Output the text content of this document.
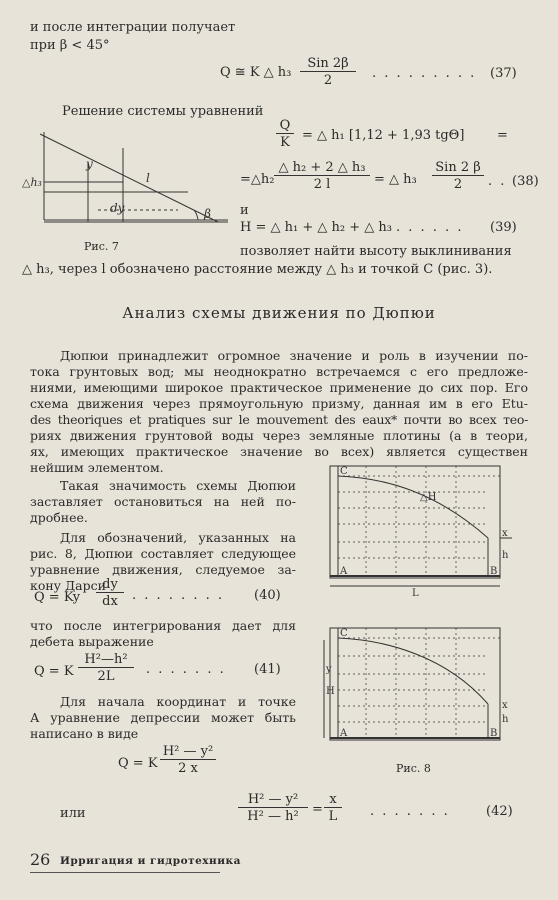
и после интеграции получает
при β < 45°
Q ≅ K △ h₃
Sin 2β
2	. . . . . . . . . (37)
Решение системы уравнений
y
l
dy
△h₃
β
Рис. 7
$\frac{Q}{K}$ = △ h₁ [1,12 + 1,93 tgΘ]	=
=△h₂ $\frac{\text{△ h₂ + 2 △ h₃}}{2 l}$ = △ h₃
Sin 2 β
2	. . (38)
и
H = △ h₁ + △ h₂ + △ h₃ . . . . . . (39)
позволяет найти высоту выклинивания
△ h₃, через l обозначено расстояние между △ h₃ и точкой С (рис. 3).
Анализ схемы движения по Дюпюи
Дюпюи принадлежит огромное значение и роль в изучении по-
тока грунтовых вод; мы неоднократно встречаемся с его предложе-
ниями, имеющими широкое практическое применение до сих пор. Его
схема движения через прямоугольную призму, данная им в его Etu-
des theoriques et pratiques sur le mouvement des eaux* почти во всех тео-
риях движения грунтовой воды через земляные плотины (а в теори,
ях, имеющих практическое значение во всех) является существен
нейшим элементом.
Такая значимость схемы Дюпюи
заставляет остановиться на ней по-
дробнее.
Для обозначений, указанных на
рис. 8, Дюпюи составляет следующее
уравнение движения, следуемое за-
кону Дарси
Q = Ky $\frac{dy}{dx}$ . . . . . . . . (40)
что после интегрирования дает для
дебета выражение
Q = K $\frac{\text{H²—h²}}{2L}$ . . . . . . . (41)
Для начала координат и точке
А уравнение депрессии может быть
написано в виде
Q = K $\frac{\text{H² — y²}}{2 x}$
C
△H
x
h
A	B
L
C
y
H
A	B
h
x
Рис. 8
или	$\frac{\text{H² — y²}}{\text{H² — h²}} = \frac{x}{L}$ . . . . . . .	(42)
26 Ирригация и гидротехника
